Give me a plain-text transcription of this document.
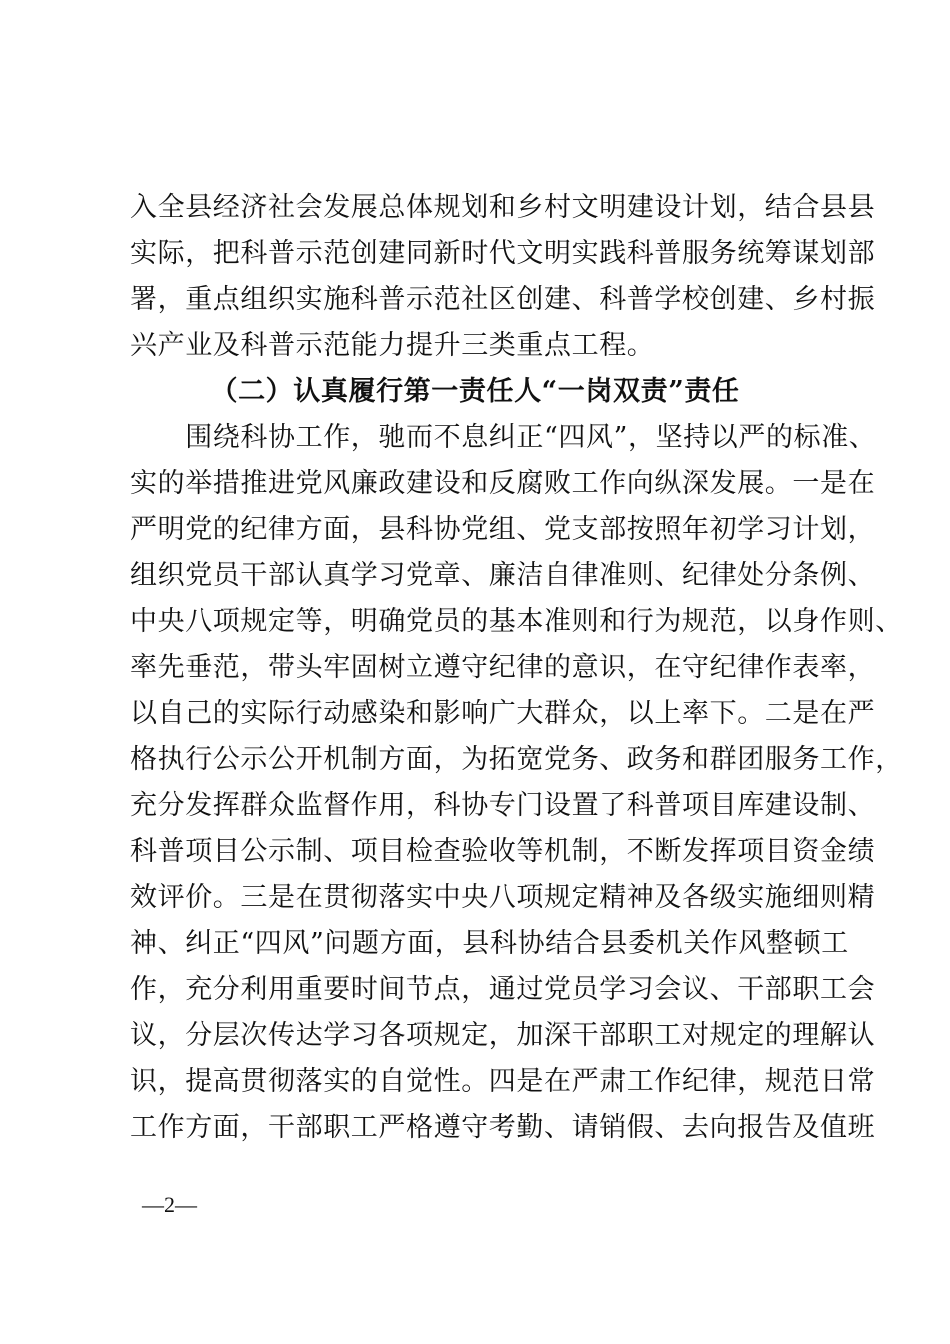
入全县经济社会发展总体规划和乡村文明建设计划，结合县县
实际，把科普示范创建同新时代文明实践科普服务统筹谋划部
署，重点组织实施科普示范社区创建、科普学校创建、乡村振
兴产业及科普示范能力提升三类重点工程。
（二）认真履行第一责任人“一岗双责”责任
　　围绕科协工作，驰而不息纠正“四风”，坚持以严的标准、
实的举措推进党风廉政建设和反腐败工作向纵深发展。一是在
严明党的纪律方面，县科协党组、党支部按照年初学习计划，
组织党员干部认真学习党章、廉洁自律准则、纪律处分条例、
中央八项规定等，明确党员的基本准则和行为规范，以身作则、
率先垂范，带头牢固树立遵守纪律的意识，在守纪律作表率，
以自己的实际行动感染和影响广大群众，以上率下。二是在严
格执行公示公开机制方面，为拓宽党务、政务和群团服务工作，
充分发挥群众监督作用，科协专门设置了科普项目库建设制、
科普项目公示制、项目检查验收等机制，不断发挥项目资金绩
效评价。三是在贯彻落实中央八项规定精神及各级实施细则精
神、纠正“四风”问题方面，县科协结合县委机关作风整顿工
作，充分利用重要时间节点，通过党员学习会议、干部职工会
议，分层次传达学习各项规定，加深干部职工对规定的理解认
识，提高贯彻落实的自觉性。四是在严肃工作纪律，规范日常
工作方面，干部职工严格遵守考勤、请销假、去向报告及值班
—2—
